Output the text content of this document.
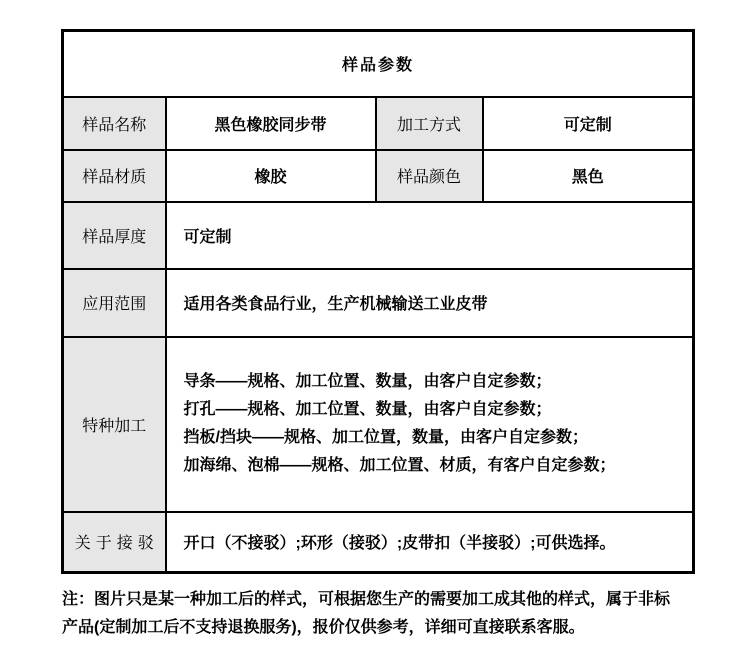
样品参数			
样品名称	黑色橡胶同步带	加工方式	可定制
样品材质	橡胶	样品颜色	黑色
样品厚度	可定制		
应用范围	适用各类食品行业，生产机械输送工业皮带		
特种加工	导条——规格、加工位置、数量，由客户自定参数；
打孔——规格、加工位置、数量，由客户自定参数；
挡板/挡块——规格、加工位置，数量，由客户自定参数；
加海绵、泡棉——规格、加工位置、材质，有客户自定参数；		

关于接驳	开口（不接驳）;环形（接驳）;皮带扣（半接驳）;可供选择。		
注：图片只是某一种加工后的样式，可根据您生产的需要加工成其他的样式，属于非标
产品(定制加工后不支持退换服务)，报价仅供参考，详细可直接联系客服。
